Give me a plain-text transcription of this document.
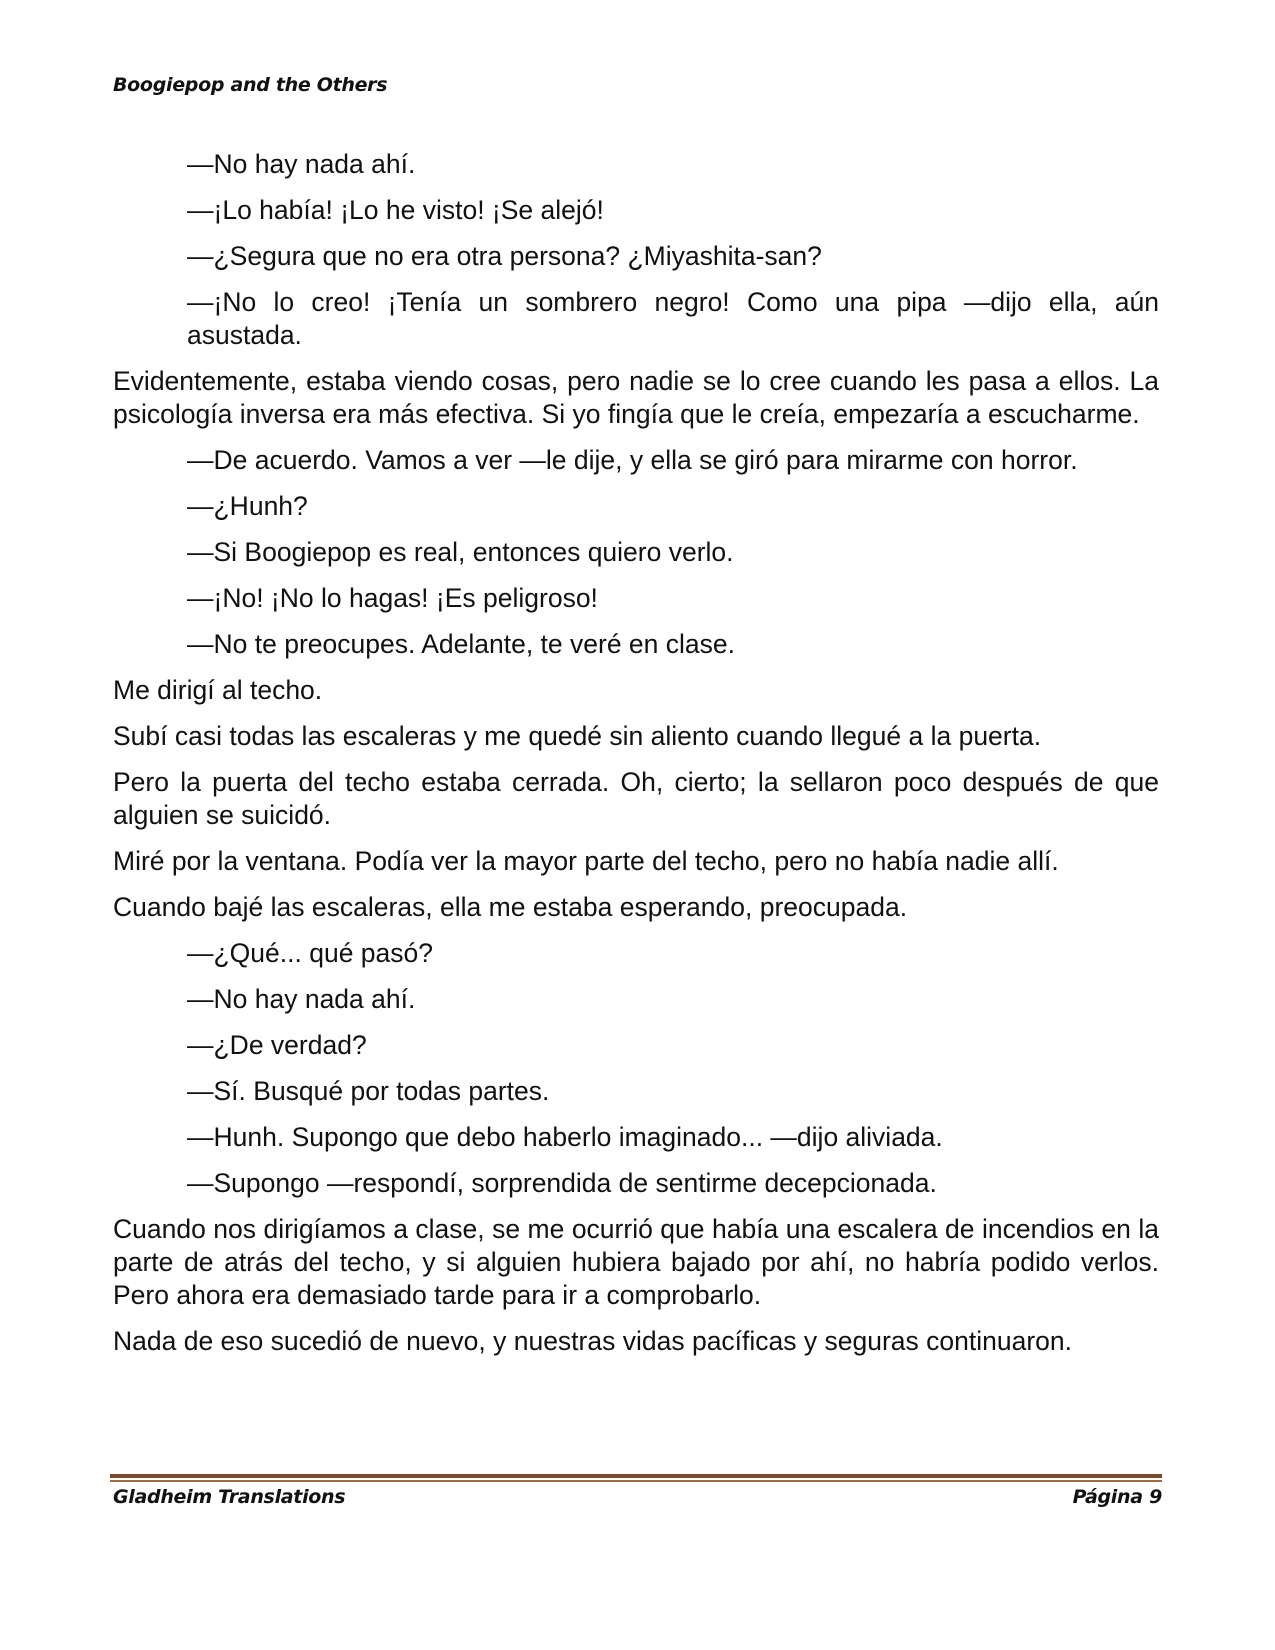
Boogiepop and the Others

—No hay nada ahí.

—¡Lo había! ¡Lo he visto! ¡Se alejó!

—¿Segura que no era otra persona? ¿Miyashita-san?

—¡No lo creo! ¡Tenía un sombrero negro! Como una pipa —dijo ella, aún asustada.

Evidentemente, estaba viendo cosas, pero nadie se lo cree cuando les pasa a ellos. La psicología inversa era más efectiva. Si yo fingía que le creía, empezaría a escucharme.

—De acuerdo. Vamos a ver —le dije, y ella se giró para mirarme con horror.

—¿Hunh?

—Si Boogiepop es real, entonces quiero verlo.

—¡No! ¡No lo hagas! ¡Es peligroso!

—No te preocupes. Adelante, te veré en clase.

Me dirigí al techo.

Subí casi todas las escaleras y me quedé sin aliento cuando llegué a la puerta.

Pero la puerta del techo estaba cerrada. Oh, cierto; la sellaron poco después de que alguien se suicidó.

Miré por la ventana. Podía ver la mayor parte del techo, pero no había nadie allí.

Cuando bajé las escaleras, ella me estaba esperando, preocupada.

—¿Qué... qué pasó?

—No hay nada ahí.

—¿De verdad?

—Sí. Busqué por todas partes.

—Hunh. Supongo que debo haberlo imaginado... —dijo aliviada.

—Supongo —respondí, sorprendida de sentirme decepcionada.

Cuando nos dirigíamos a clase, se me ocurrió que había una escalera de incendios en la parte de atrás del techo, y si alguien hubiera bajado por ahí, no habría podido verlos. Pero ahora era demasiado tarde para ir a comprobarlo.

Nada de eso sucedió de nuevo, y nuestras vidas pacíficas y seguras continuaron.

Gladheim Translations	Página 9
